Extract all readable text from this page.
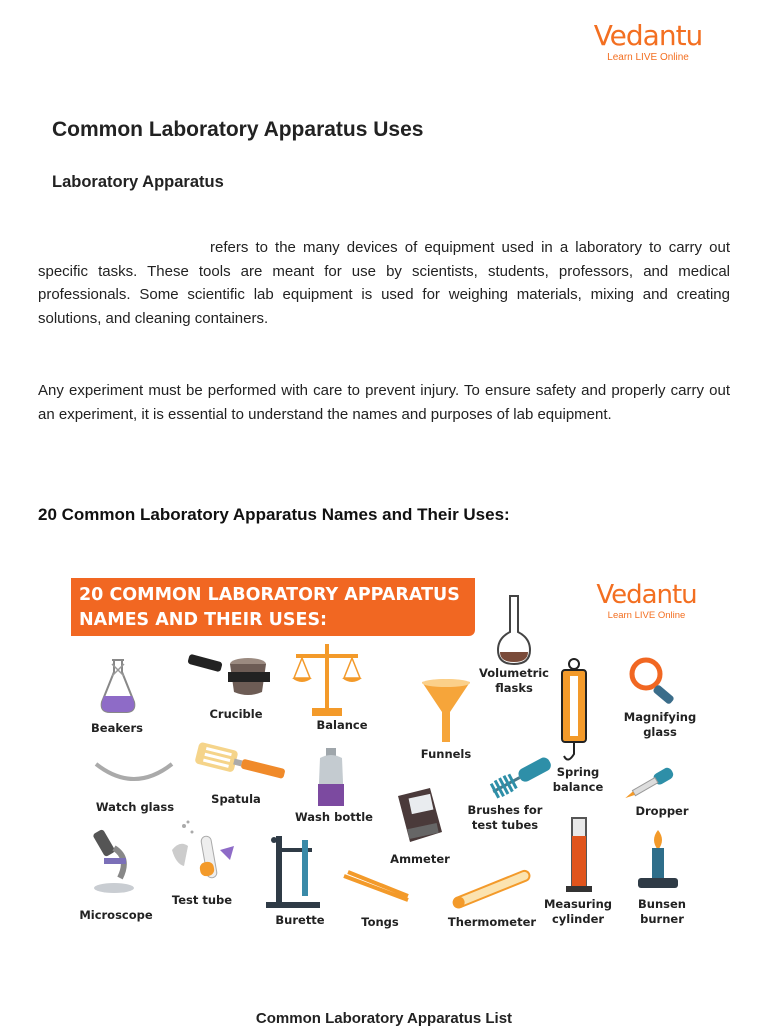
Vedantu
Learn LIVE Online
Common Laboratory Apparatus Uses
Laboratory Apparatus

refers to the many devices of equipment used in a laboratory to carry out specific tasks. These tools are meant for use by scientists, students, professors, and medical professionals. Some scientific lab equipment is used for weighing materials, mixing and creating solutions, and cleaning containers.

Any experiment must be performed with care to prevent injury. To ensure safety and properly carry out an experiment, it is essential to understand the names and purposes of lab equipment.

20 Common Laboratory Apparatus Names and Their Uses:
20 COMMON LABORATORY APPARATUS
NAMES AND THEIR USES:
Vedantu
Learn LIVE Online
Beakers
Crucible
Balance
Volumetric
flasks
Funnels
Spring
balance
Magnifying
glass
Watch glass
Spatula
Wash bottle	Brushes for
test tubes
Dropper
Ammeter
Microscope
Test tube
Burette	Tongs	Thermometer
Measuring
cylinder
Bunsen
burner
Common Laboratory Apparatus List
